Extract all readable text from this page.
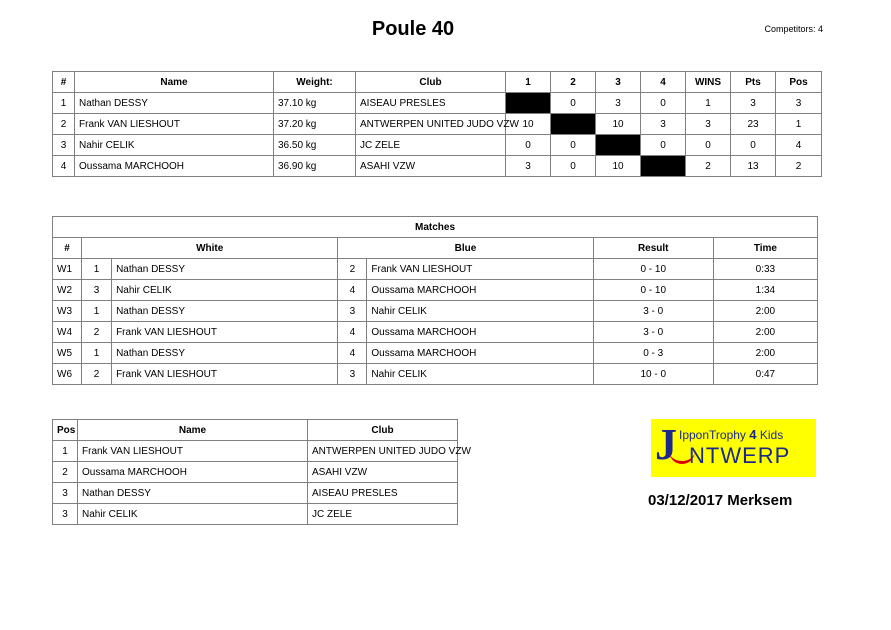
Poule 40	Competitors: 4
#	Name	Weight:	Club	1	2	3	4	WINS	Pts	Pos
1	Nathan DESSY	37.10 kg	AISEAU PRESLES		0	3	0	1	3	3
2	Frank VAN LIESHOUT	37.20 kg	ANTWERPEN UNITED JUDO VZW	10		10	3	3	23	1
3	Nahir CELIK	36.50 kg	JC ZELE	0	0		0	0	0	4
4	Oussama MARCHOOH	36.90 kg	ASAHI VZW	3	0	10		2	13	2
Matches						
#	White		Blue		Result	Time
W1	1	Nathan DESSY	2	Frank VAN LIESHOUT	0 - 10	0:33
W2	3	Nahir CELIK	4	Oussama MARCHOOH	0 - 10	1:34
W3	1	Nathan DESSY	3	Nahir CELIK	3 - 0	2:00
W4	2	Frank VAN LIESHOUT	4	Oussama MARCHOOH	3 - 0	2:00
W5	1	Nathan DESSY	4	Oussama MARCHOOH	0 - 3	2:00
W6	2	Frank VAN LIESHOUT	3	Nahir CELIK	10 - 0	0:47
Pos	Name	Club
1	Frank VAN LIESHOUT	ANTWERPEN UNITED JUDO VZW
2	Oussama MARCHOOH	ASAHI VZW
3	Nathan DESSY	AISEAU PRESLES
3	Nahir CELIK	JC ZELE
J IpponTrophy 4 Kids
NTWERP
03/12/2017 Merksem
